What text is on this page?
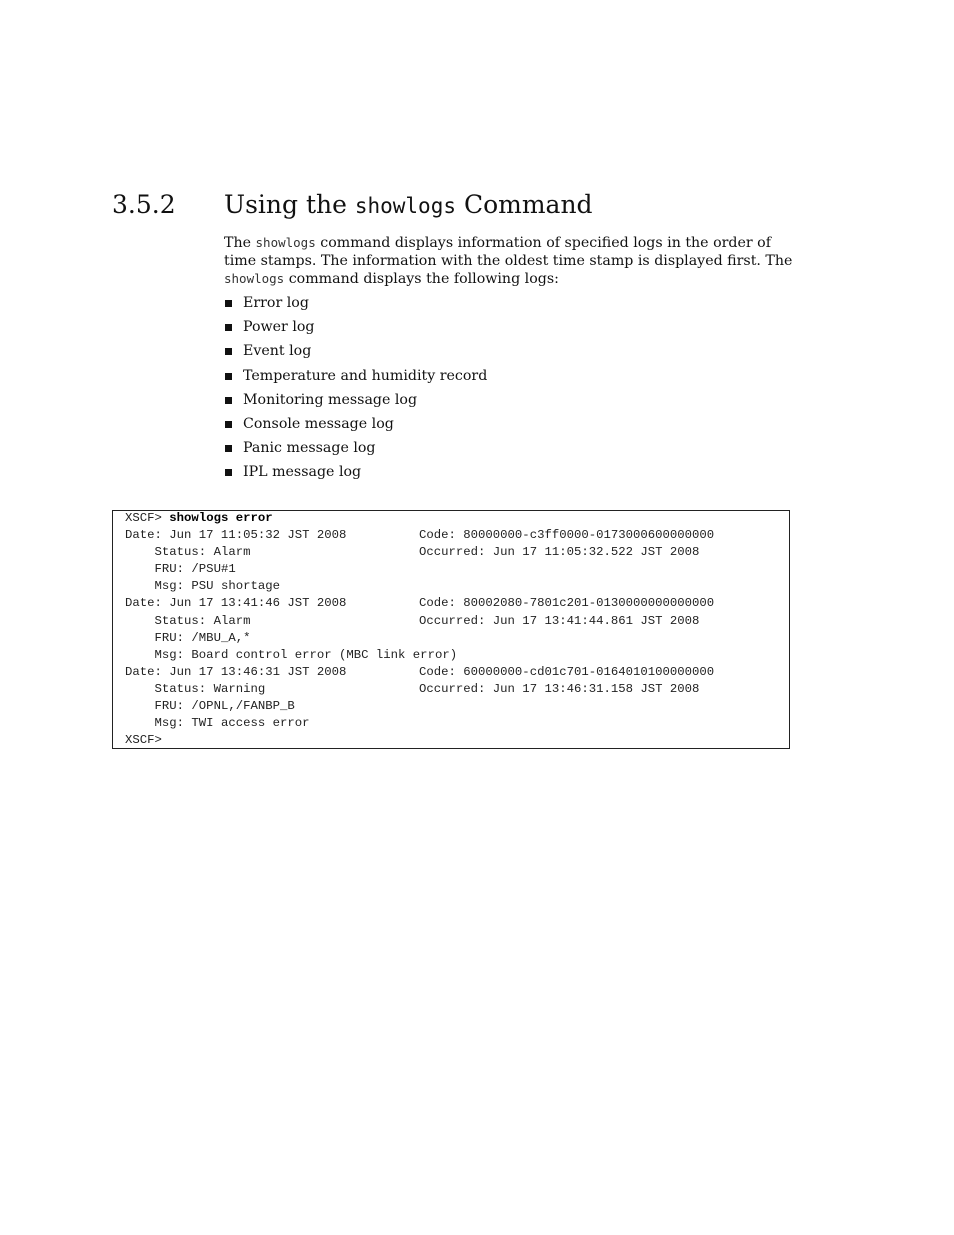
3.5.2 Using the showlogs Command

The showlogs command displays information of specified logs in the order of time stamps. The information with the oldest time stamp is displayed first. The showlogs command displays the following logs:

Error log
Power log
Event log
Temperature and humidity record
Monitoring message log
Console message log
Panic message log
IPL message log
XSCF> showlogs error
Date: Jun 17 11:05:32 JST 2008	Code: 80000000-c3ff0000-0173000600000000
Status: Alarm	Occurred: Jun 17 11:05:32.522 JST 2008
FRU: /PSU#1
Msg: PSU shortage
Date: Jun 17 13:41:46 JST 2008	Code: 80002080-7801c201-0130000000000000
Status: Alarm	Occurred: Jun 17 13:41:44.861 JST 2008
FRU: /MBU_A,*
Msg: Board control error (MBC link error)
Date: Jun 17 13:46:31 JST 2008	Code: 60000000-cd01c701-0164010100000000
Status: Warning	Occurred: Jun 17 13:46:31.158 JST 2008
FRU: /OPNL,/FANBP_B
Msg: TWI access error
XSCF>
